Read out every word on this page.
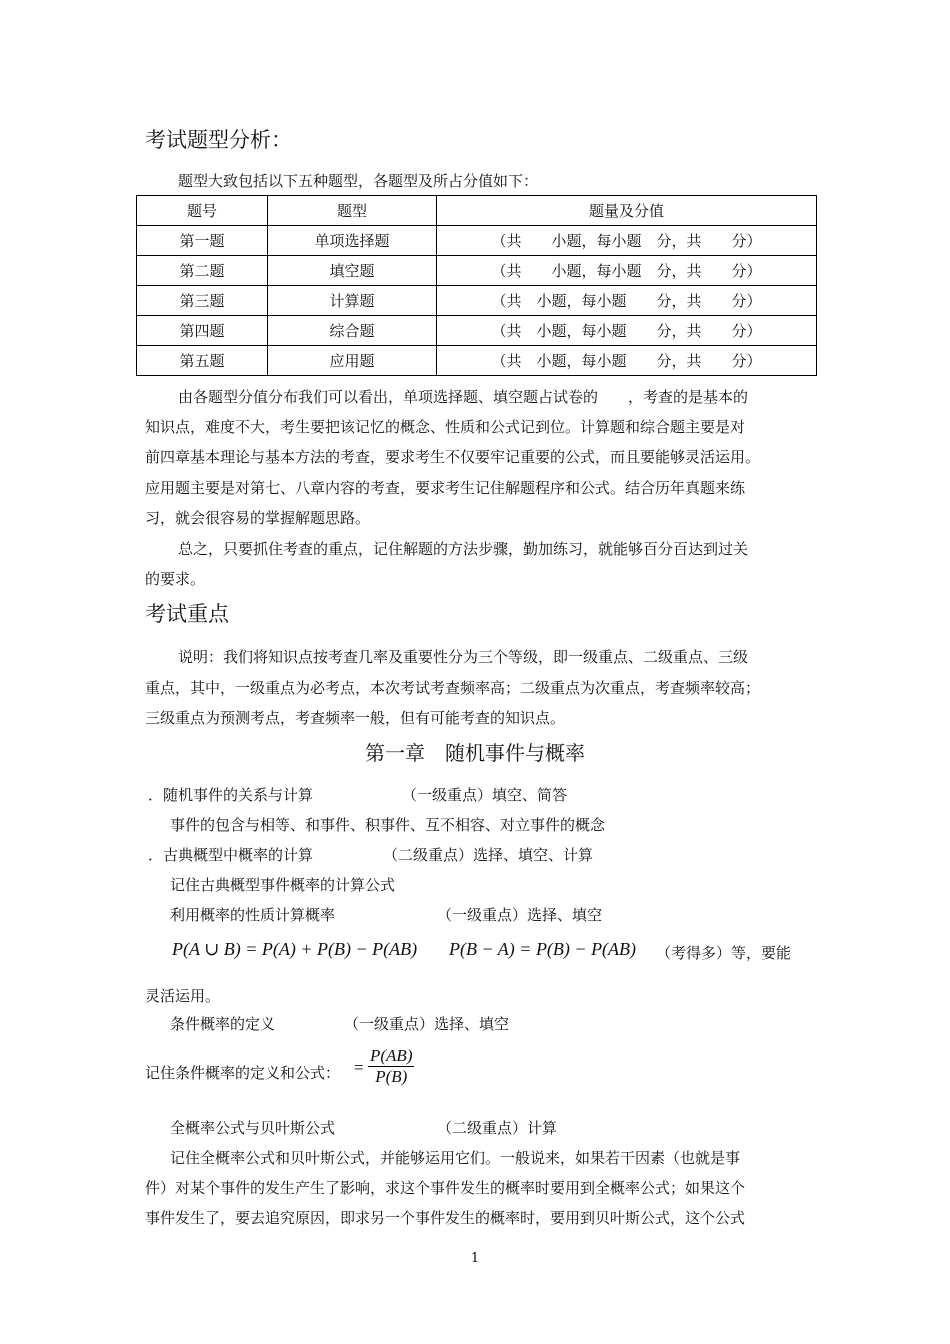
考试题型分析：
题型大致包括以下五种题型，各题型及所占分值如下：
题号	题型	题量及分值
第一题	单项选择题	（共　　小题，每小题　分，共　　分）
第二题	填空题	（共　　小题，每小题　分，共　　分）
第三题	计算题	（共　小题，每小题　　分，共　　分）
第四题	综合题	（共　小题，每小题　　分，共　　分）
第五题	应用题	（共　小题，每小题　　分，共　　分）
由各题型分值分布我们可以看出，单项选择题、填空题占试卷的　　，考查的是基本的
知识点，难度不大，考生要把该记忆的概念、性质和公式记到位。计算题和综合题主要是对
前四章基本理论与基本方法的考查，要求考生不仅要牢记重要的公式，而且要能够灵活运用。
应用题主要是对第七、八章内容的考查，要求考生记住解题程序和公式。结合历年真题来练
习，就会很容易的掌握解题思路。
总之，只要抓住考查的重点，记住解题的方法步骤，勤加练习，就能够百分百达到过关
的要求。
考试重点
说明：我们将知识点按考查几率及重要性分为三个等级，即一级重点、二级重点、三级
重点，其中，一级重点为必考点，本次考试考查频率高；二级重点为次重点，考查频率较高；
三级重点为预测考点，考查频率一般，但有可能考查的知识点。
第一章　随机事件与概率
．随机事件的关系与计算	（一级重点）填空、简答
事件的包含与相等、和事件、积事件、互不相容、对立事件的概念
．古典概型中概率的计算	（二级重点）选择、填空、计算
记住古典概型事件概率的计算公式
利用概率的性质计算概率	（一级重点）选择、填空
P(A ∪ B) = P(A) + P(B) − P(AB) P(B − A) = P(B) − P(AB) （考得多）等，要能
灵活运用。
条件概率的定义	（一级重点）选择、填空
记住条件概率的定义和公式： = $\frac{P(AB)}{P(B)}$
全概率公式与贝叶斯公式	（二级重点）计算
记住全概率公式和贝叶斯公式，并能够运用它们。一般说来，如果若干因素（也就是事
件）对某个事件的发生产生了影响，求这个事件发生的概率时要用到全概率公式；如果这个
事件发生了，要去追究原因，即求另一个事件发生的概率时，要用到贝叶斯公式，这个公式
1
